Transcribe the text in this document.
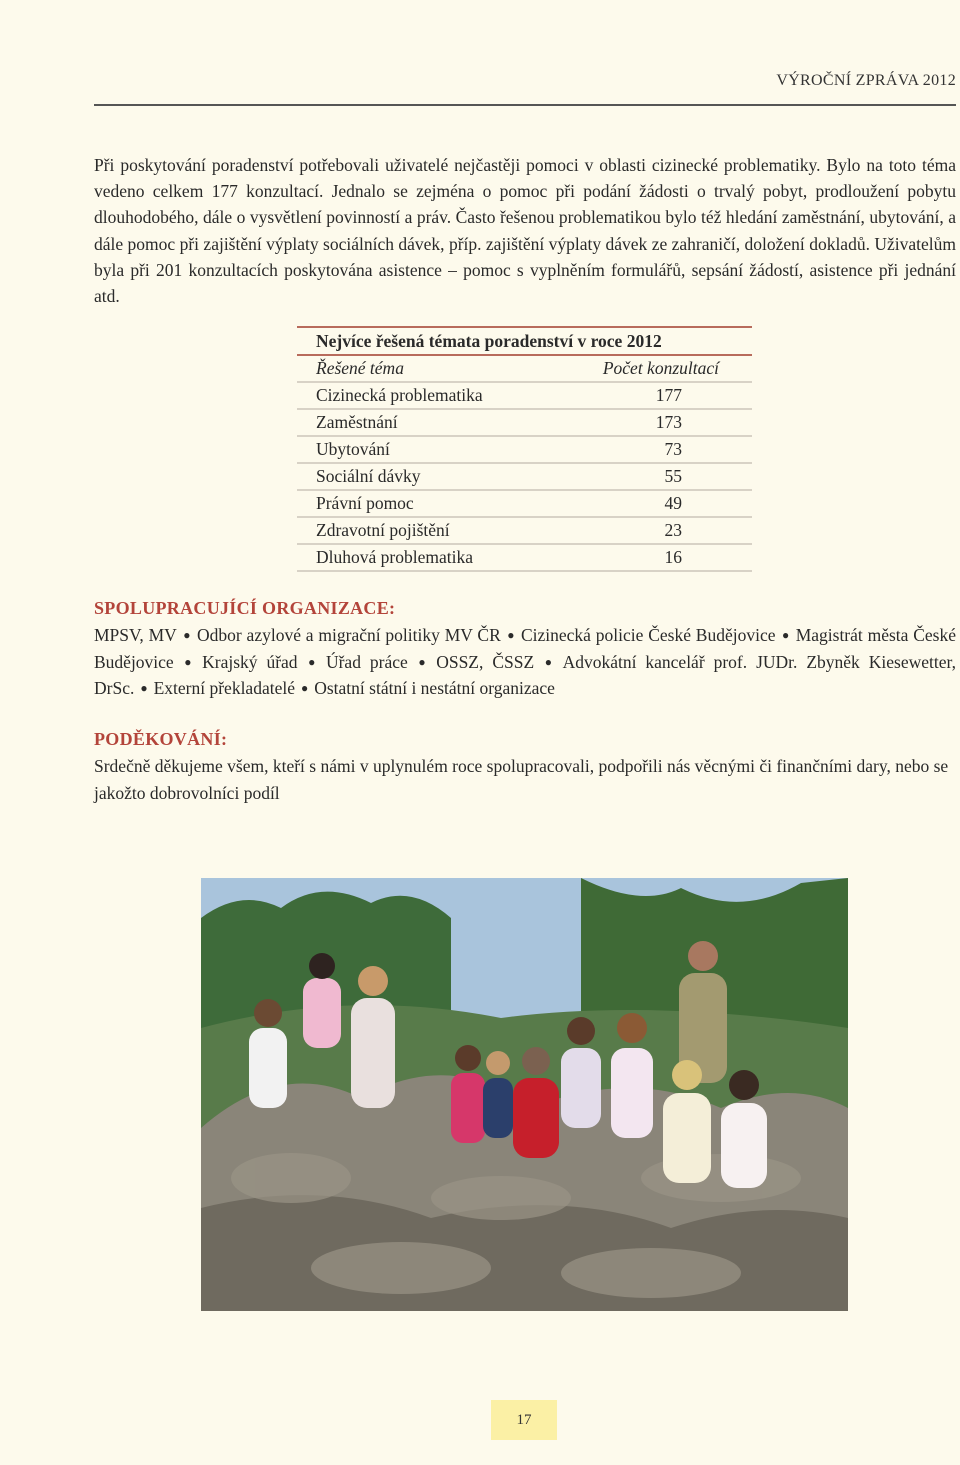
VÝROČNÍ ZPRÁVA 2012

Při poskytování poradenství potřebovali uživatelé nejčastěji pomoci v oblasti cizinecké problematiky. Bylo na toto téma vedeno celkem 177 konzultací. Jednalo se zejména o pomoc při podání žádosti o trvalý pobyt, prodloužení pobytu dlouhodobého, dále o vysvětlení povinností a práv. Často řešenou problematikou bylo též hledání zaměstnání, ubytování, a dále pomoc při zajištění výplaty sociálních dávek, příp. zajištění výplaty dávek ze zahraničí, doložení dokladů. Uživatelům byla při 201 konzultacích poskytována asistence – pomoc s vyplněním formulářů, sepsání žádostí, asistence při jednání atd.

Nejvíce řešená témata poradenství v roce 2012
Řešené téma	Počet konzultací
Cizinecká problematika	177
Zaměstnání	173
Ubytování	73
Sociální dávky	55
Právní pomoc	49
Zdravotní pojištění	23
Dluhová problematika	16
SPOLUPRACUJÍCÍ ORGANIZACE:

MPSV, MV ● Odbor azylové a migrační politiky MV ČR ● Cizinecká policie České Budějovice ● Magistrát města České Budějovice ● Krajský úřad ● Úřad práce ● OSSZ, ČSSZ ● Advokátní kancelář prof. JUDr. Zbyněk Kiesewetter, DrSc. ● Externí překladatelé ● Ostatní státní i nestátní organizace

PODĚKOVÁNÍ:

Srdečně děkujeme všem, kteří s námi v uplynulém roce spolupracovali, podpořili nás věcnými či finančními dary, nebo se jakožto dobrovolníci podíl

17
